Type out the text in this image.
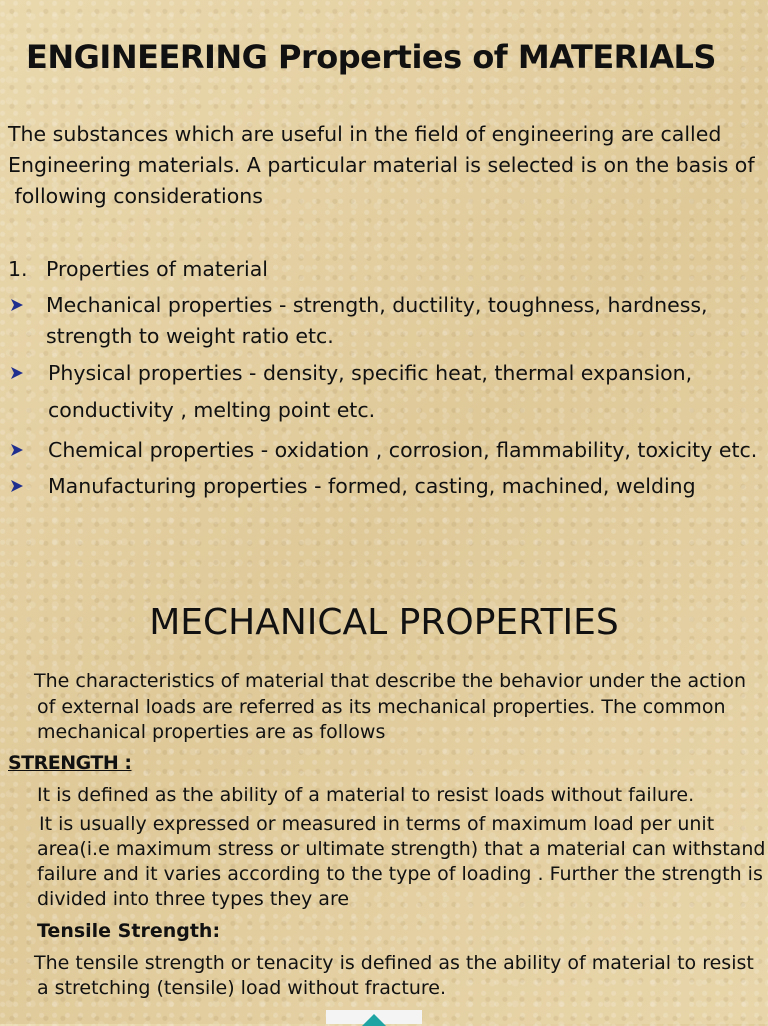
ENGINEERING Properties of MATERIALS
The substances which are useful in the field of engineering are called
Engineering materials. A particular material is selected is on the basis of
following considerations
1. Properties of material
Mechanical properties - strength, ductility, toughness, hardness,
strength to weight ratio etc.
Physical properties - density, specific heat, thermal expansion,
conductivity , melting point etc.
Chemical properties - oxidation , corrosion, flammability, toxicity etc.
Manufacturing properties - formed, casting, machined, welding
MECHANICAL PROPERTIES
The characteristics of material that describe the behavior under the action
of external loads are referred as its mechanical properties. The common
mechanical properties are as follows
STRENGTH :
It is defined as the ability of a material to resist loads without failure.
It is usually expressed or measured in terms of maximum load per unit
area(i.e maximum stress or ultimate strength) that a material can withstand
failure and it varies according to the type of loading . Further the strength is
divided into three types they are
Tensile Strength:
The tensile strength or tenacity is defined as the ability of material to resist
a stretching (tensile) load without fracture.
